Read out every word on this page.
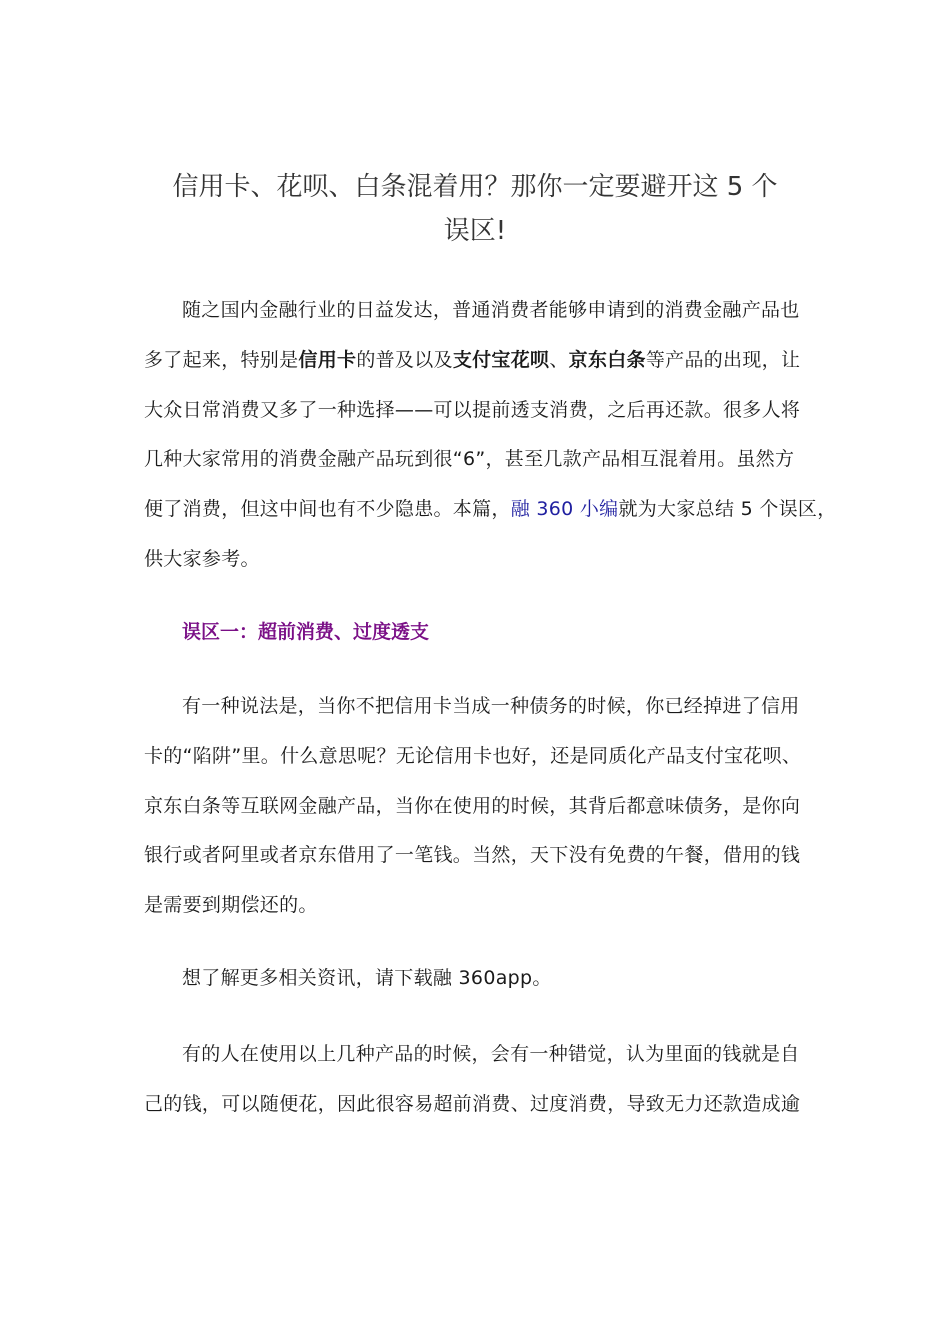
信用卡、花呗、白条混着用？那你一定要避开这 5 个
误区!

随之国内金融行业的日益发达，普通消费者能够申请到的消费金融产品也
多了起来，特别是信用卡的普及以及支付宝花呗、京东白条等产品的出现，让
大众日常消费又多了一种选择——可以提前透支消费，之后再还款。很多人将
几种大家常用的消费金融产品玩到很“6”，甚至几款产品相互混着用。虽然方
便了消费，但这中间也有不少隐患。本篇，融 360 小编就为大家总结 5 个误区，
供大家参考。

误区一：超前消费、过度透支

有一种说法是，当你不把信用卡当成一种债务的时候，你已经掉进了信用
卡的“陷阱”里。什么意思呢？无论信用卡也好，还是同质化产品支付宝花呗、
京东白条等互联网金融产品，当你在使用的时候，其背后都意味债务，是你向
银行或者阿里或者京东借用了一笔钱。当然，天下没有免费的午餐，借用的钱
是需要到期偿还的。

想了解更多相关资讯，请下载融 360app。

有的人在使用以上几种产品的时候，会有一种错觉，认为里面的钱就是自
己的钱，可以随便花，因此很容易超前消费、过度消费，导致无力还款造成逾
